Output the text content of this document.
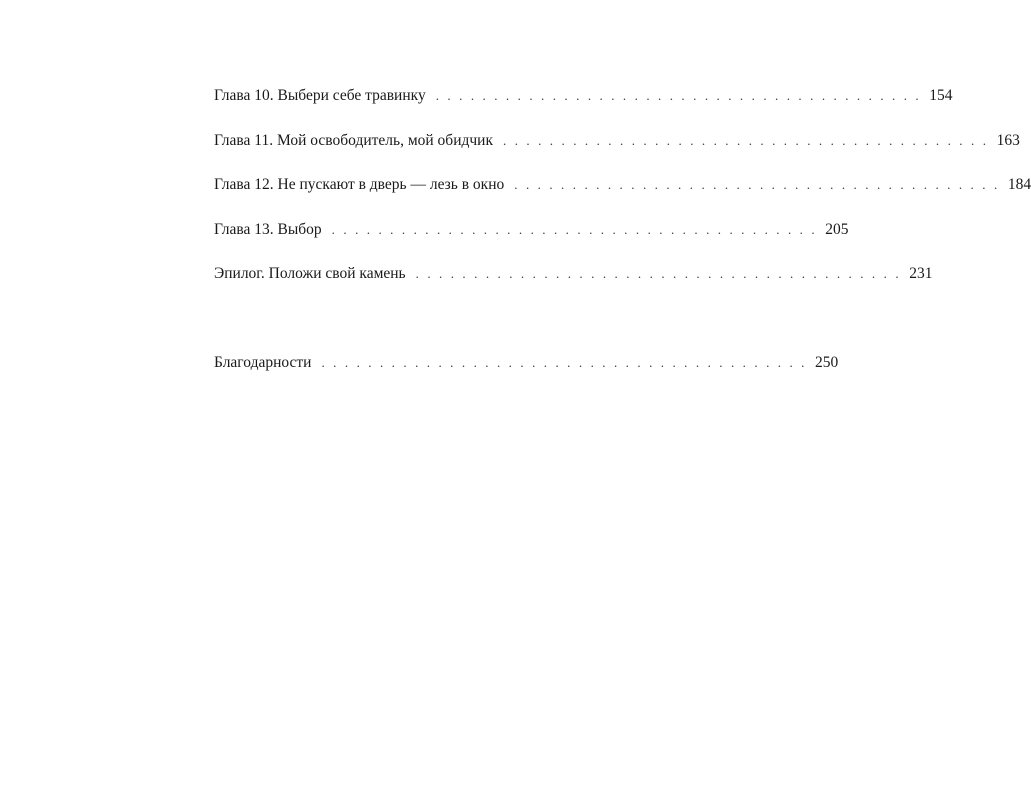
Глава 10. Выбери себе травинку . . . . . . . . . . . . . . . . . . . . . . . . . . . . . . . . . . . . . . . . . . 154
Глава 11. Мой освободитель, мой обидчик . . . . . . . . . . . . . . . . . . . . . . . . . . . . . . . . . . . . . . . . . . 163
Глава 12. Не пускают в дверь — лезь в окно . . . . . . . . . . . . . . . . . . . . . . . . . . . . . . . . . . . . . . . . . . 184
Глава 13. Выбор . . . . . . . . . . . . . . . . . . . . . . . . . . . . . . . . . . . . . . . . . . 205
Эпилог. Положи свой камень . . . . . . . . . . . . . . . . . . . . . . . . . . . . . . . . . . . . . . . . . . 231
Благодарности . . . . . . . . . . . . . . . . . . . . . . . . . . . . . . . . . . . . . . . . . . 250
